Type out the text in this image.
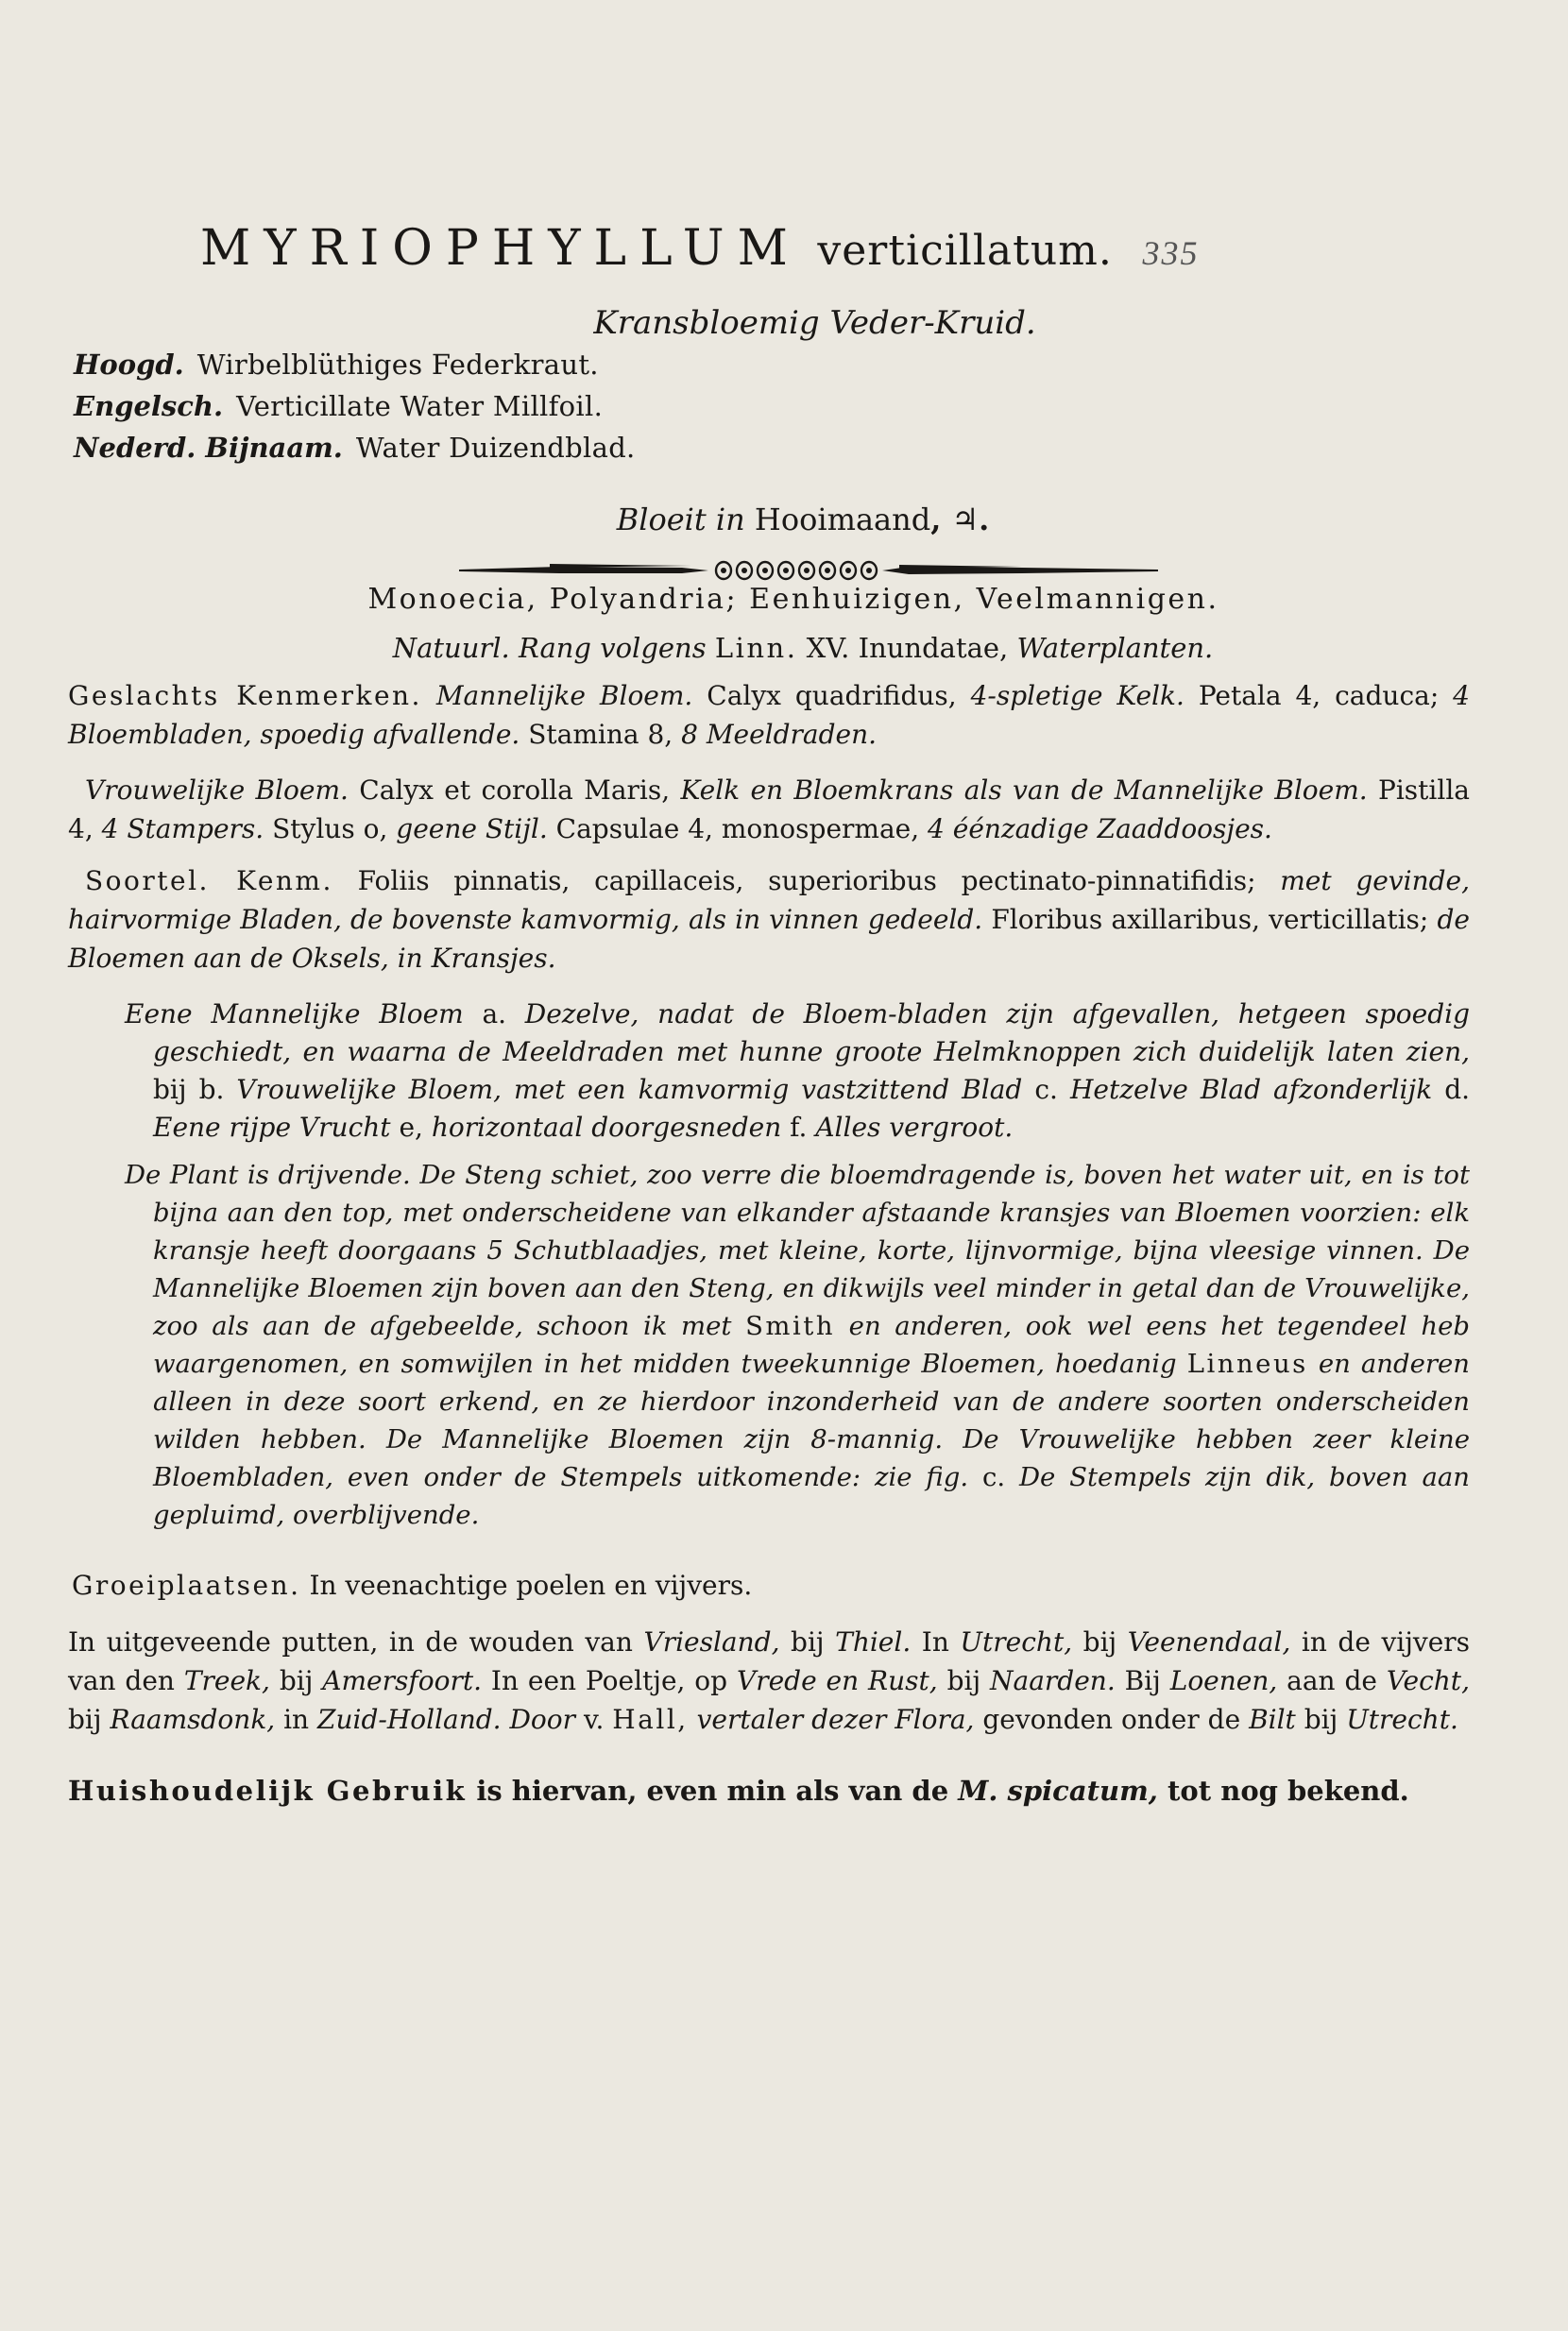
MYRIOPHYLLUM verticillatum. 335
Kransbloemig Veder-Kruid.
Hoogd. Wirbelblüthiges Federkraut.
Engelsch. Verticillate Water Millfoil.
Nederd. Bijnaam. Water Duizendblad.
Bloeit in Hooimaand, ♃.
Monoecia, Polyandria; Eenhuizigen, Veelmannigen.
Natuurl. Rang volgens Linn. XV. Inundatae, Waterplanten.

Geslachts Kenmerken. Mannelijke Bloem. Calyx quadrifidus, 4-spletige Kelk. Petala 4, caduca; 4 Bloembladen, spoedig afvallende. Stamina 8, 8 Meeldraden.

Vrouwelijke Bloem. Calyx et corolla Maris, Kelk en Bloemkrans als van de Mannelijke Bloem. Pistilla 4, 4 Stampers. Stylus o, geene Stijl. Capsulae 4, monospermae, 4 éénzadige Zaaddoosjes.

Soortel. Kenm. Foliis pinnatis, capillaceis, superioribus pectinato-pinnatifidis; met gevinde, hairvormige Bladen, de bovenste kamvormig, als in vinnen gedeeld. Floribus axillaribus, verticillatis; de Bloemen aan de Oksels, in Kransjes.

Eene Mannelijke Bloem a. Dezelve, nadat de Bloem-bladen zijn afgevallen, hetgeen spoedig geschiedt, en waarna de Meeldraden met hunne groote Helmknoppen zich duidelijk laten zien, bij b. Vrouwelijke Bloem, met een kamvormig vastzittend Blad c. Hetzelve Blad afzonderlijk d. Eene rijpe Vrucht e, horizontaal doorgesneden f. Alles vergroot.

De Plant is drijvende. De Steng schiet, zoo verre die bloemdragende is, boven het water uit, en is tot bijna aan den top, met onderscheidene van elkander afstaande kransjes van Bloemen voorzien: elk kransje heeft doorgaans 5 Schutblaadjes, met kleine, korte, lijnvormige, bijna vleesige vinnen. De Mannelijke Bloemen zijn boven aan den Steng, en dikwijls veel minder in getal dan de Vrouwelijke, zoo als aan de afgebeelde, schoon ik met Smith en anderen, ook wel eens het tegendeel heb waargenomen, en somwijlen in het midden tweekunnige Bloemen, hoedanig Linneus en anderen alleen in deze soort erkend, en ze hierdoor inzonderheid van de andere soorten onderscheiden wilden hebben. De Mannelijke Bloemen zijn 8-mannig. De Vrouwelijke hebben zeer kleine Bloembladen, even onder de Stempels uitkomende: zie fig. c. De Stempels zijn dik, boven aan gepluimd, overblijvende.

Groeiplaatsen. In veenachtige poelen en vijvers.

In uitgeveende putten, in de wouden van Vriesland, bij Thiel. In Utrecht, bij Veenendaal, in de vijvers van den Treek, bij Amersfoort. In een Poeltje, op Vrede en Rust, bij Naarden. Bij Loenen, aan de Vecht, bij Raamsdonk, in Zuid-Holland. Door v. Hall, vertaler dezer Flora, gevonden onder de Bilt bij Utrecht.

Huishoudelijk Gebruik is hiervan, even min als van de M. spicatum, tot nog bekend.
